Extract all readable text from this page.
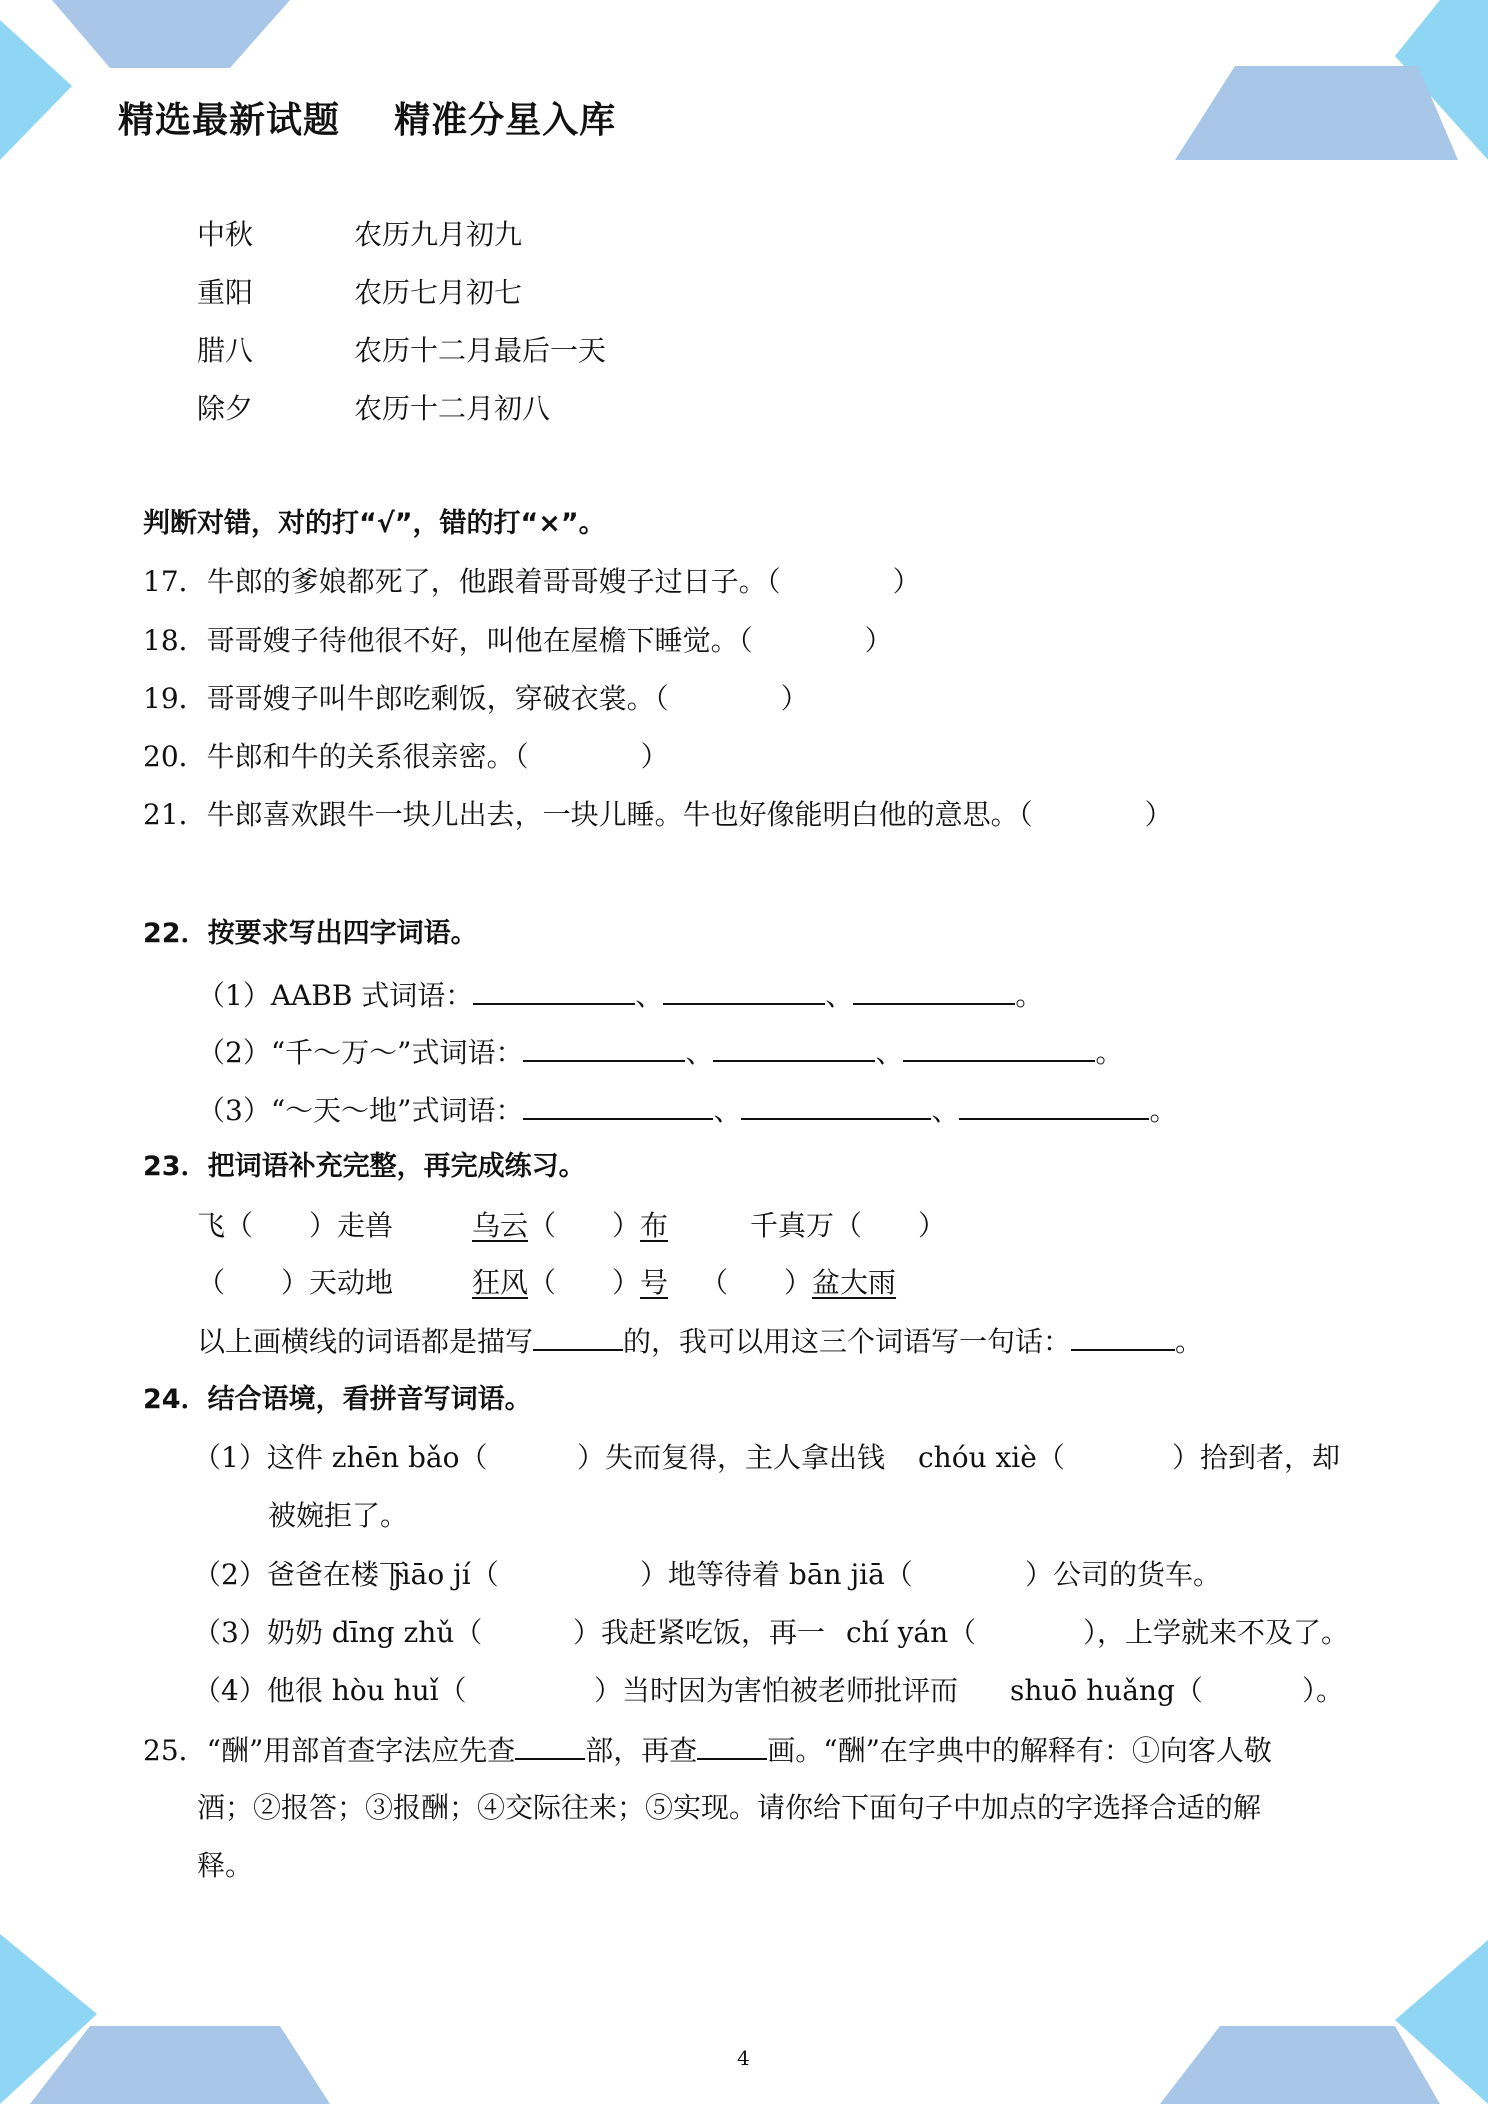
精选最新试题    精准分星入库
中秋	农历九月初九
重阳	农历七月初七
腊八	农历十二月最后一天
除夕	农历十二月初八
判断对错，对的打“√”，错的打“×”。
17．牛郎的爹娘都死了，他跟着哥哥嫂子过日子。（　　　　）
18．哥哥嫂子待他很不好，叫他在屋檐下睡觉。（　　　　）
19．哥哥嫂子叫牛郎吃剩饭，穿破衣裳。（　　　　）
20．牛郎和牛的关系很亲密。（　　　　）
21．牛郎喜欢跟牛一块儿出去，一块儿睡。牛也好像能明白他的意思。（　　　　）
22．按要求写出四字词语。
（1）AABB 式词语：	、	、	。
（2）“千～万～”式词语：	、	、	。
（3）“～天～地”式词语：	、	、	。
23．把词语补充完整，再完成练习。
飞（　　）走兽	乌云（　　）布	千真万（　　）
（　　）天动地	狂风（　　）号 （　　）盆大雨
以上画横线的词语都是描写	的，我可以用这三个词语写一句话：	。
24．结合语境，看拼音写词语。
（1）这件 zhēn bǎo（	）失而复得，主人拿出钱 chóu xiè（	）拾到者，却
被婉拒了。
（2）爸爸在楼下
jiāo jí（	）地等待着 bān jiā（	）公司的货车。
（3）奶奶 dīng zhǔ（	）我赶紧吃饭，再一 chí yán（	），上学就来不及了。
（4）他很 hòu huǐ（	）当时因为害怕被老师批评而 shuō huǎng（	）。
25．“酬”用部首查字法应先查	部，再查	画。“酬”在字典中的解释有：①向客人敬
酒；②报答；③报酬；④交际往来；⑤实现。请你给下面句子中加点的字选择合适的解
释。
4
